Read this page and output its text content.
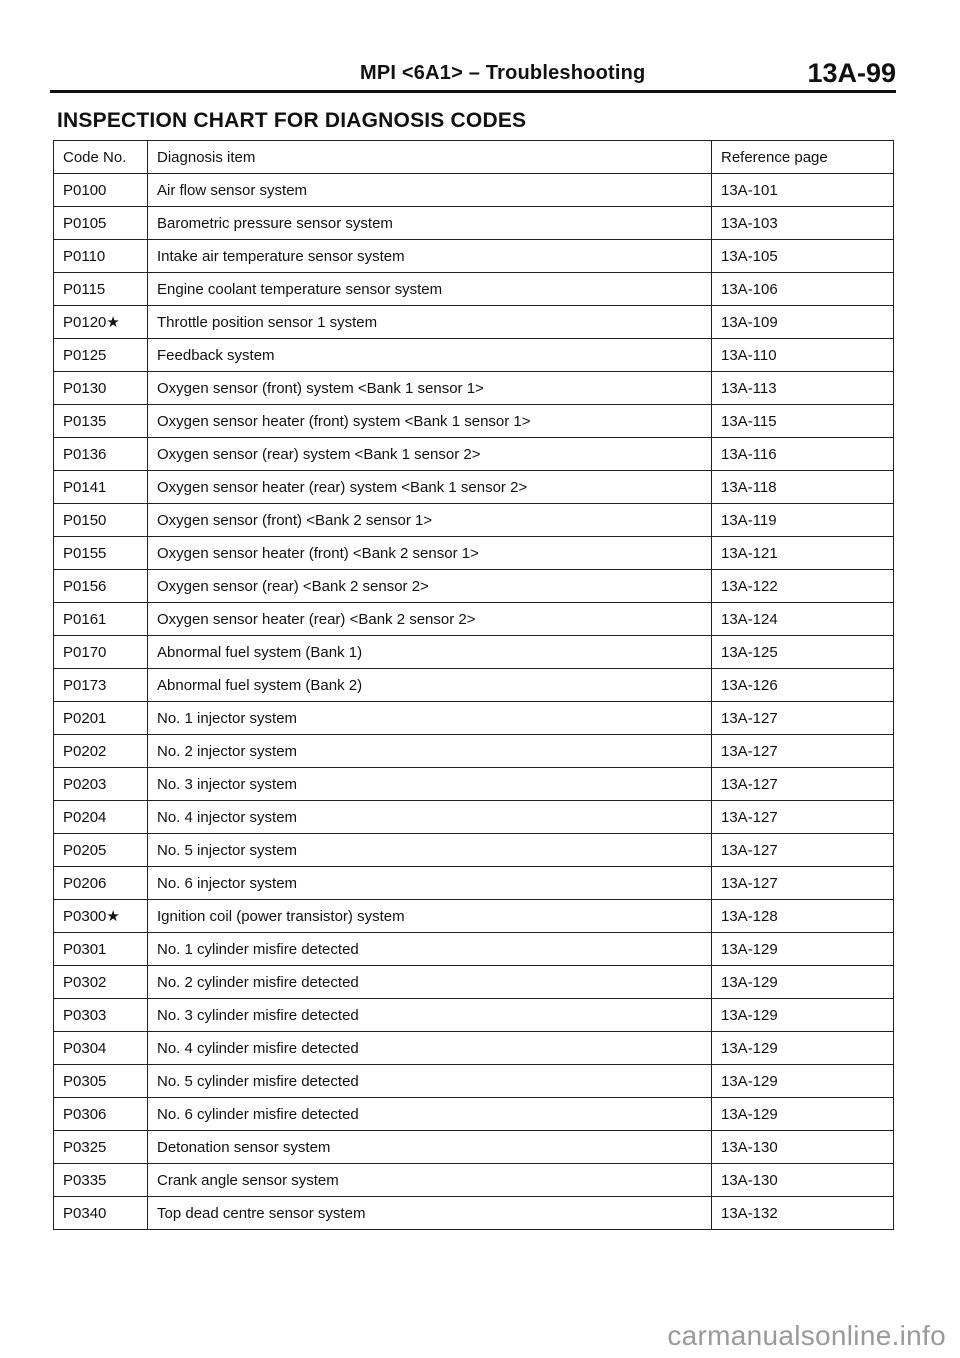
MPI <6A1> – Troubleshooting	13A-99
INSPECTION CHART FOR DIAGNOSIS CODES
Code No.	Diagnosis item	Reference page
P0100	Air flow sensor system	13A-101
P0105	Barometric pressure sensor system	13A-103
P0110	Intake air temperature sensor system	13A-105
P0115	Engine coolant temperature sensor system	13A-106
P0120★	Throttle position sensor 1 system	13A-109
P0125	Feedback system	13A-110
P0130	Oxygen sensor (front) system <Bank 1 sensor 1>	13A-113
P0135	Oxygen sensor heater (front) system <Bank 1 sensor 1>	13A-115
P0136	Oxygen sensor (rear) system <Bank 1 sensor 2>	13A-116
P0141	Oxygen sensor heater (rear) system <Bank 1 sensor 2>	13A-118
P0150	Oxygen sensor (front) <Bank 2 sensor 1>	13A-119
P0155	Oxygen sensor heater (front) <Bank 2 sensor 1>	13A-121
P0156	Oxygen sensor (rear) <Bank 2 sensor 2>	13A-122
P0161	Oxygen sensor heater (rear) <Bank 2 sensor 2>	13A-124
P0170	Abnormal fuel system (Bank 1)	13A-125
P0173	Abnormal fuel system (Bank 2)	13A-126
P0201	No. 1 injector system	13A-127
P0202	No. 2 injector system	13A-127
P0203	No. 3 injector system	13A-127
P0204	No. 4 injector system	13A-127
P0205	No. 5 injector system	13A-127
P0206	No. 6 injector system	13A-127
P0300★	Ignition coil (power transistor) system	13A-128
P0301	No. 1 cylinder misfire detected	13A-129
P0302	No. 2 cylinder misfire detected	13A-129
P0303	No. 3 cylinder misfire detected	13A-129
P0304	No. 4 cylinder misfire detected	13A-129
P0305	No. 5 cylinder misfire detected	13A-129
P0306	No. 6 cylinder misfire detected	13A-129
P0325	Detonation sensor system	13A-130
P0335	Crank angle sensor system	13A-130
P0340	Top dead centre sensor system	13A-132
carmanualsonline.info
